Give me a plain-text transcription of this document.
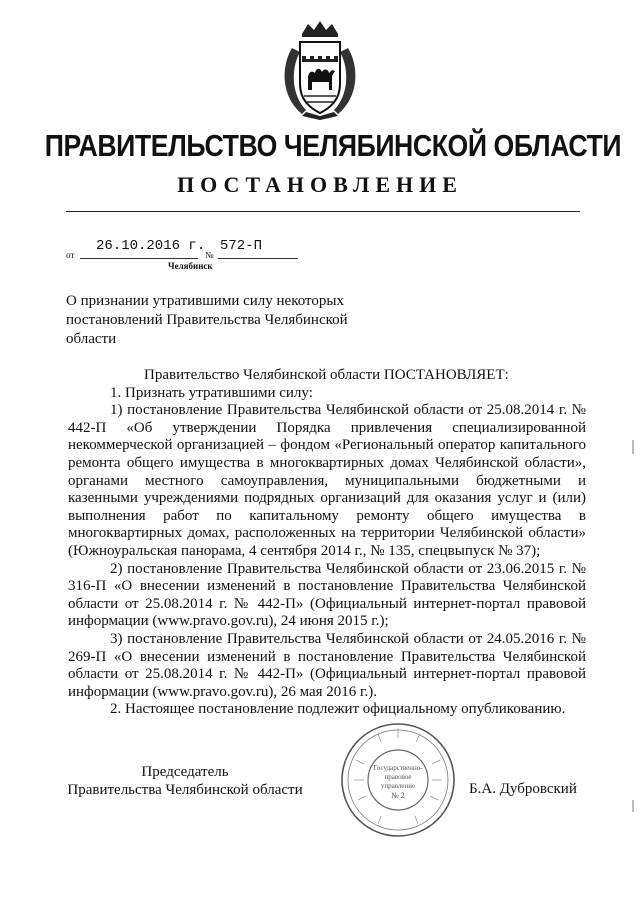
ПРАВИТЕЛЬСТВО ЧЕЛЯБИНСКОЙ ОБЛАСТИ
ПОСТАНОВЛЕНИЕ
от
26.10.2016 г.
№
572-П
Челябинск
О признании утратившими силу некоторых постановлений Правительства Челябинской области

Правительство Челябинской области ПОСТАНОВЛЯЕТ:

1. Признать утратившими силу:

1) постановление Правительства Челябинской области от 25.08.2014 г. № 442-П «Об утверждении Порядка привлечения специализированной некоммерческой организацией – фондом «Региональный оператор капитального ремонта общего имущества в многоквартирных домах Челябинской области», органами местного самоуправления, муниципальными бюджетными и казенными учреждениями подрядных организаций для оказания услуг и (или) выполнения работ по капитальному ремонту общего имущества в многоквартирных домах, расположенных на территории Челябинской области» (Южноуральская панорама, 4 сентября 2014 г., № 135, спецвыпуск № 37);

2) постановление Правительства Челябинской области от 23.06.2015 г. № 316-П «О внесении изменений в постановление Правительства Челябинской области от 25.08.2014 г. № 442-П» (Официальный интернет-портал правовой информации (www.pravo.gov.ru), 24 июня 2015 г.);

3) постановление Правительства Челябинской области от 24.05.2016 г. № 269-П «О внесении изменений в постановление Правительства Челябинской области от 25.08.2014 г. № 442-П» (Официальный интернет-портал правовой информации (www.pravo.gov.ru), 26 мая 2016 г.).

2. Настоящее постановление подлежит официальному опубликованию.

Председатель
Правительства Челябинской области
Государственно-
правовое
управление
№ 2	Б.А. Дубровский
